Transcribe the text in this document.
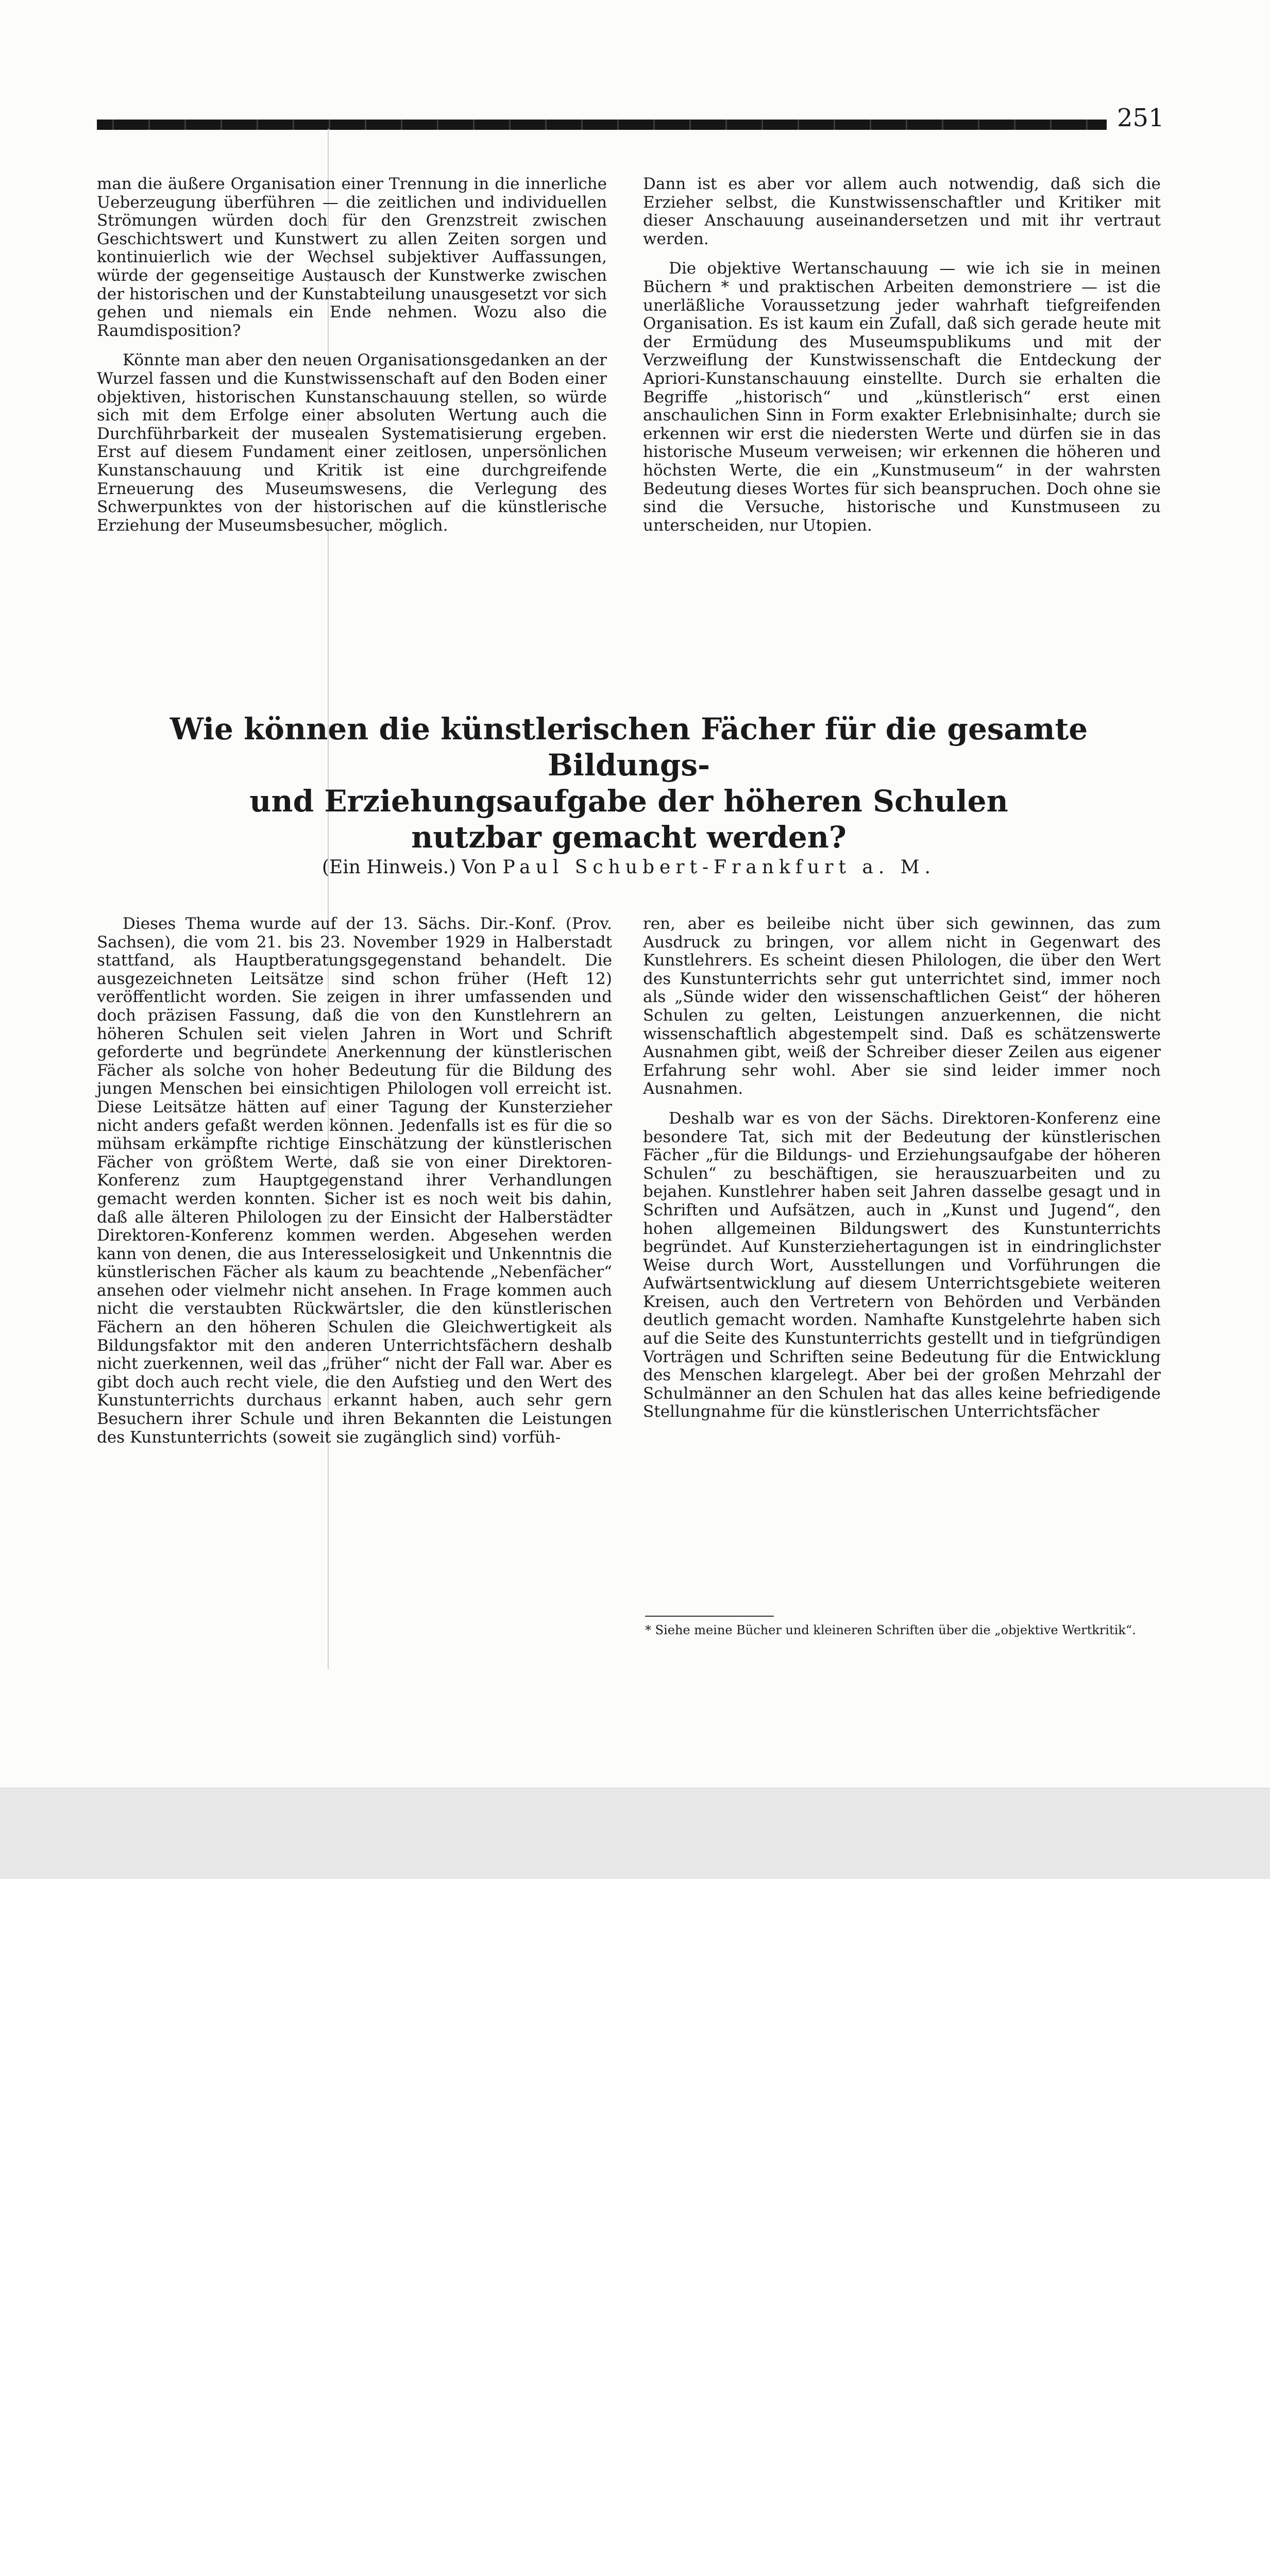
251

man die äußere Organisation einer Trennung in die innerliche Ueberzeugung überführen — die zeitlichen und individuellen Strömungen würden doch für den Grenzstreit zwischen Geschichtswert und Kunstwert zu allen Zeiten sorgen und kontinuierlich wie der Wechsel subjektiver Auffassungen, würde der gegenseitige Austausch der Kunstwerke zwischen der historischen und der Kunstabteilung unausgesetzt vor sich gehen und niemals ein Ende nehmen. Wozu also die Raumdisposition?

Könnte man aber den neuen Organisationsgedanken an der Wurzel fassen und die Kunstwissenschaft auf den Boden einer objektiven, historischen Kunstanschauung stellen, so würde sich mit dem Erfolge einer absoluten Wertung auch die Durchführbarkeit der musealen Systematisierung ergeben. Erst auf diesem Fundament einer zeitlosen, unpersönlichen Kunstanschauung und Kritik ist eine durchgreifende Erneuerung des Museumswesens, die Verlegung des Schwerpunktes von der historischen auf die künstlerische Erziehung der Museumsbesucher, möglich.

Dann ist es aber vor allem auch notwendig, daß sich die Erzieher selbst, die Kunstwissenschaftler und Kritiker mit dieser Anschauung auseinandersetzen und mit ihr vertraut werden.

Die objektive Wertanschauung — wie ich sie in meinen Büchern * und praktischen Arbeiten demonstriere — ist die unerläßliche Voraussetzung jeder wahrhaft tiefgreifenden Organisation. Es ist kaum ein Zufall, daß sich gerade heute mit der Ermüdung des Museumspublikums und mit der Verzweiflung der Kunstwissenschaft die Entdeckung der Apriori-Kunstanschauung einstellte. Durch sie erhalten die Begriffe „historisch“ und „künstlerisch“ erst einen anschaulichen Sinn in Form exakter Erlebnisinhalte; durch sie erkennen wir erst die niedersten Werte und dürfen sie in das historische Museum verweisen; wir erkennen die höheren und höchsten Werte, die ein „Kunstmuseum“ in der wahrsten Bedeutung dieses Wortes für sich beanspruchen. Doch ohne sie sind die Versuche, historische und Kunstmuseen zu unterscheiden, nur Utopien.

Wie können die künstlerischen Fächer für die gesamte Bildungs-
und Erziehungsaufgabe der höheren Schulen
nutzbar gemacht werden?
(Ein Hinweis.) Von Paul Schubert-Frankfurt a. M.

Dieses Thema wurde auf der 13. Sächs. Dir.-Konf. (Prov. Sachsen), die vom 21. bis 23. November 1929 in Halberstadt stattfand, als Hauptberatungsgegenstand behandelt. Die ausgezeichneten Leitsätze sind schon früher (Heft 12) veröffentlicht worden. Sie zeigen in ihrer umfassenden und doch präzisen Fassung, daß die von den Kunstlehrern an höheren Schulen seit vielen Jahren in Wort und Schrift geforderte und begründete Anerkennung der künstlerischen Fächer als solche von hoher Bedeutung für die Bildung des jungen Menschen bei einsichtigen Philologen voll erreicht ist. Diese Leitsätze hätten auf einer Tagung der Kunsterzieher nicht anders gefaßt werden können. Jedenfalls ist es für die so mühsam erkämpfte richtige Einschätzung der künstlerischen Fächer von größtem Werte, daß sie von einer Direktoren-Konferenz zum Hauptgegenstand ihrer Verhandlungen gemacht werden konnten. Sicher ist es noch weit bis dahin, daß alle älteren Philologen zu der Einsicht der Halberstädter Direktoren-Konferenz kommen werden. Abgesehen werden kann von denen, die aus Interesselosigkeit und Unkenntnis die künstlerischen Fächer als kaum zu beachtende „Nebenfächer“ ansehen oder vielmehr nicht ansehen. In Frage kommen auch nicht die verstaubten Rückwärtsler, die den künstlerischen Fächern an den höheren Schulen die Gleichwertigkeit als Bildungsfaktor mit den anderen Unterrichtsfächern deshalb nicht zuerkennen, weil das „früher“ nicht der Fall war. Aber es gibt doch auch recht viele, die den Aufstieg und den Wert des Kunstunterrichts durchaus erkannt haben, auch sehr gern Besuchern ihrer Schule und ihren Bekannten die Leistungen des Kunstunterrichts (soweit sie zugänglich sind) vorfüh-

ren, aber es beileibe nicht über sich gewinnen, das zum Ausdruck zu bringen, vor allem nicht in Gegenwart des Kunstlehrers. Es scheint diesen Philologen, die über den Wert des Kunstunterrichts sehr gut unterrichtet sind, immer noch als „Sünde wider den wissenschaftlichen Geist“ der höheren Schulen zu gelten, Leistungen anzuerkennen, die nicht wissenschaftlich abgestempelt sind. Daß es schätzenswerte Ausnahmen gibt, weiß der Schreiber dieser Zeilen aus eigener Erfahrung sehr wohl. Aber sie sind leider immer noch Ausnahmen.

Deshalb war es von der Sächs. Direktoren-Konferenz eine besondere Tat, sich mit der Bedeutung der künstlerischen Fächer „für die Bildungs- und Erziehungsaufgabe der höheren Schulen“ zu beschäftigen, sie herauszuarbeiten und zu bejahen. Kunstlehrer haben seit Jahren dasselbe gesagt und in Schriften und Aufsätzen, auch in „Kunst und Jugend“, den hohen allgemeinen Bildungswert des Kunstunterrichts begründet. Auf Kunsterziehertagungen ist in eindringlichster Weise durch Wort, Ausstellungen und Vorführungen die Aufwärtsentwicklung auf diesem Unterrichtsgebiete weiteren Kreisen, auch den Vertretern von Behörden und Verbänden deutlich gemacht worden. Namhafte Kunstgelehrte haben sich auf die Seite des Kunstunterrichts gestellt und in tiefgründigen Vorträgen und Schriften seine Bedeutung für die Entwicklung des Menschen klargelegt. Aber bei der großen Mehrzahl der Schulmänner an den Schulen hat das alles keine befriedigende Stellungnahme für die künstlerischen Unterrichtsfächer

* Siehe meine Bücher und kleineren Schriften über die „objektive Wertkritik“.
